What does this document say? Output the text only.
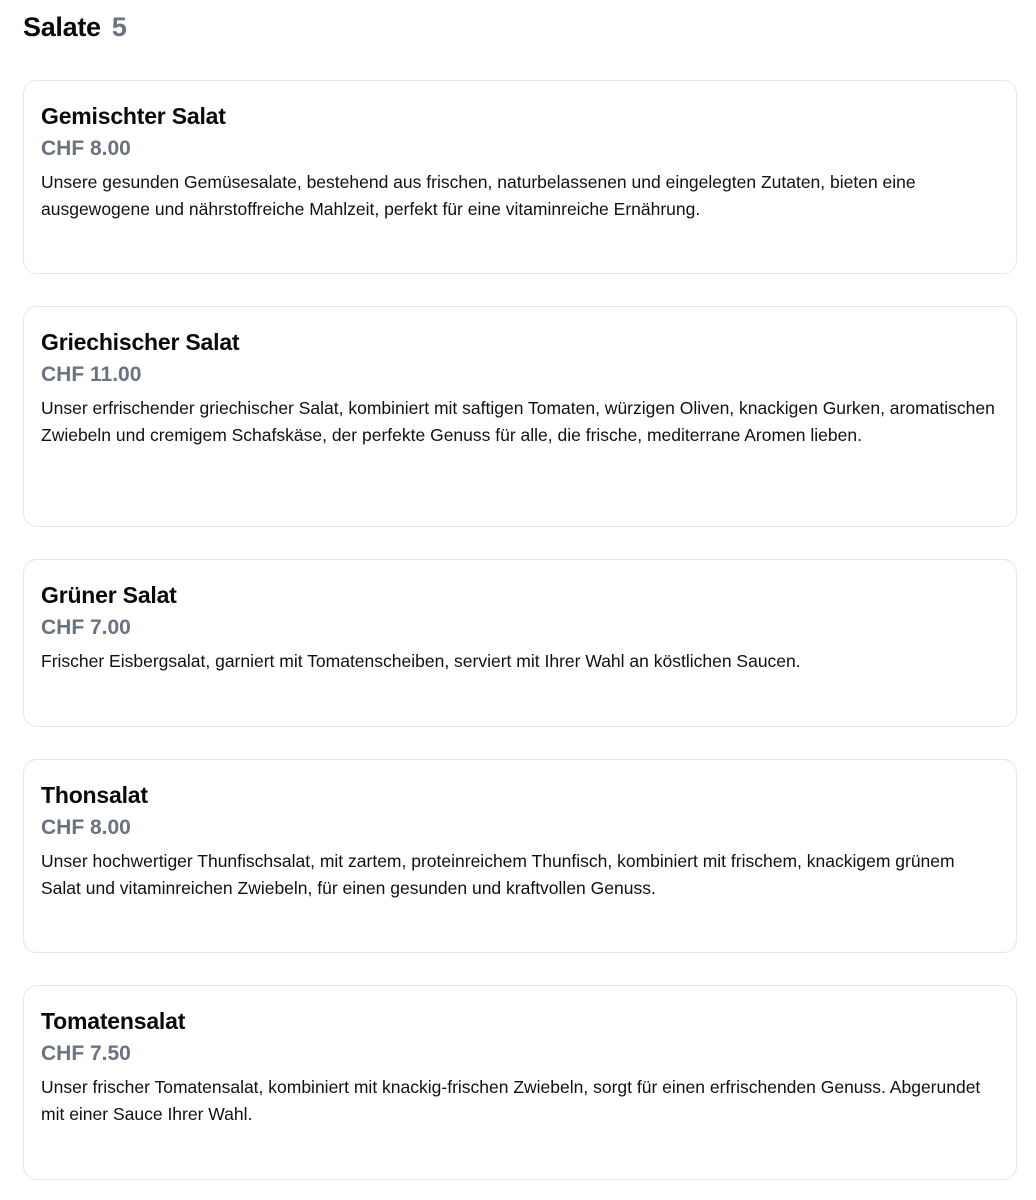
Salate 5
Gemischter Salat
CHF 8.00
Unsere gesunden Gemüsesalate, bestehend aus frischen, naturbelassenen und eingelegten Zutaten, bieten eine ausgewogene und nährstoffreiche Mahlzeit, perfekt für eine vitaminreiche Ernährung.
Griechischer Salat
CHF 11.00
Unser erfrischender griechischer Salat, kombiniert mit saftigen Tomaten, würzigen Oliven, knackigen Gurken, aromatischen Zwiebeln und cremigem Schafskäse, der perfekte Genuss für alle, die frische, mediterrane Aromen lieben.
Grüner Salat
CHF 7.00
Frischer Eisbergsalat, garniert mit Tomatenscheiben, serviert mit Ihrer Wahl an köstlichen Saucen.
Thonsalat
CHF 8.00
Unser hochwertiger Thunfischsalat, mit zartem, proteinreichem Thunfisch, kombiniert mit frischem, knackigem grünem Salat und vitaminreichen Zwiebeln, für einen gesunden und kraftvollen Genuss.
Tomatensalat
CHF 7.50
Unser frischer Tomatensalat, kombiniert mit knackig-frischen Zwiebeln, sorgt für einen erfrischenden Genuss. Abgerundet mit einer Sauce Ihrer Wahl.
